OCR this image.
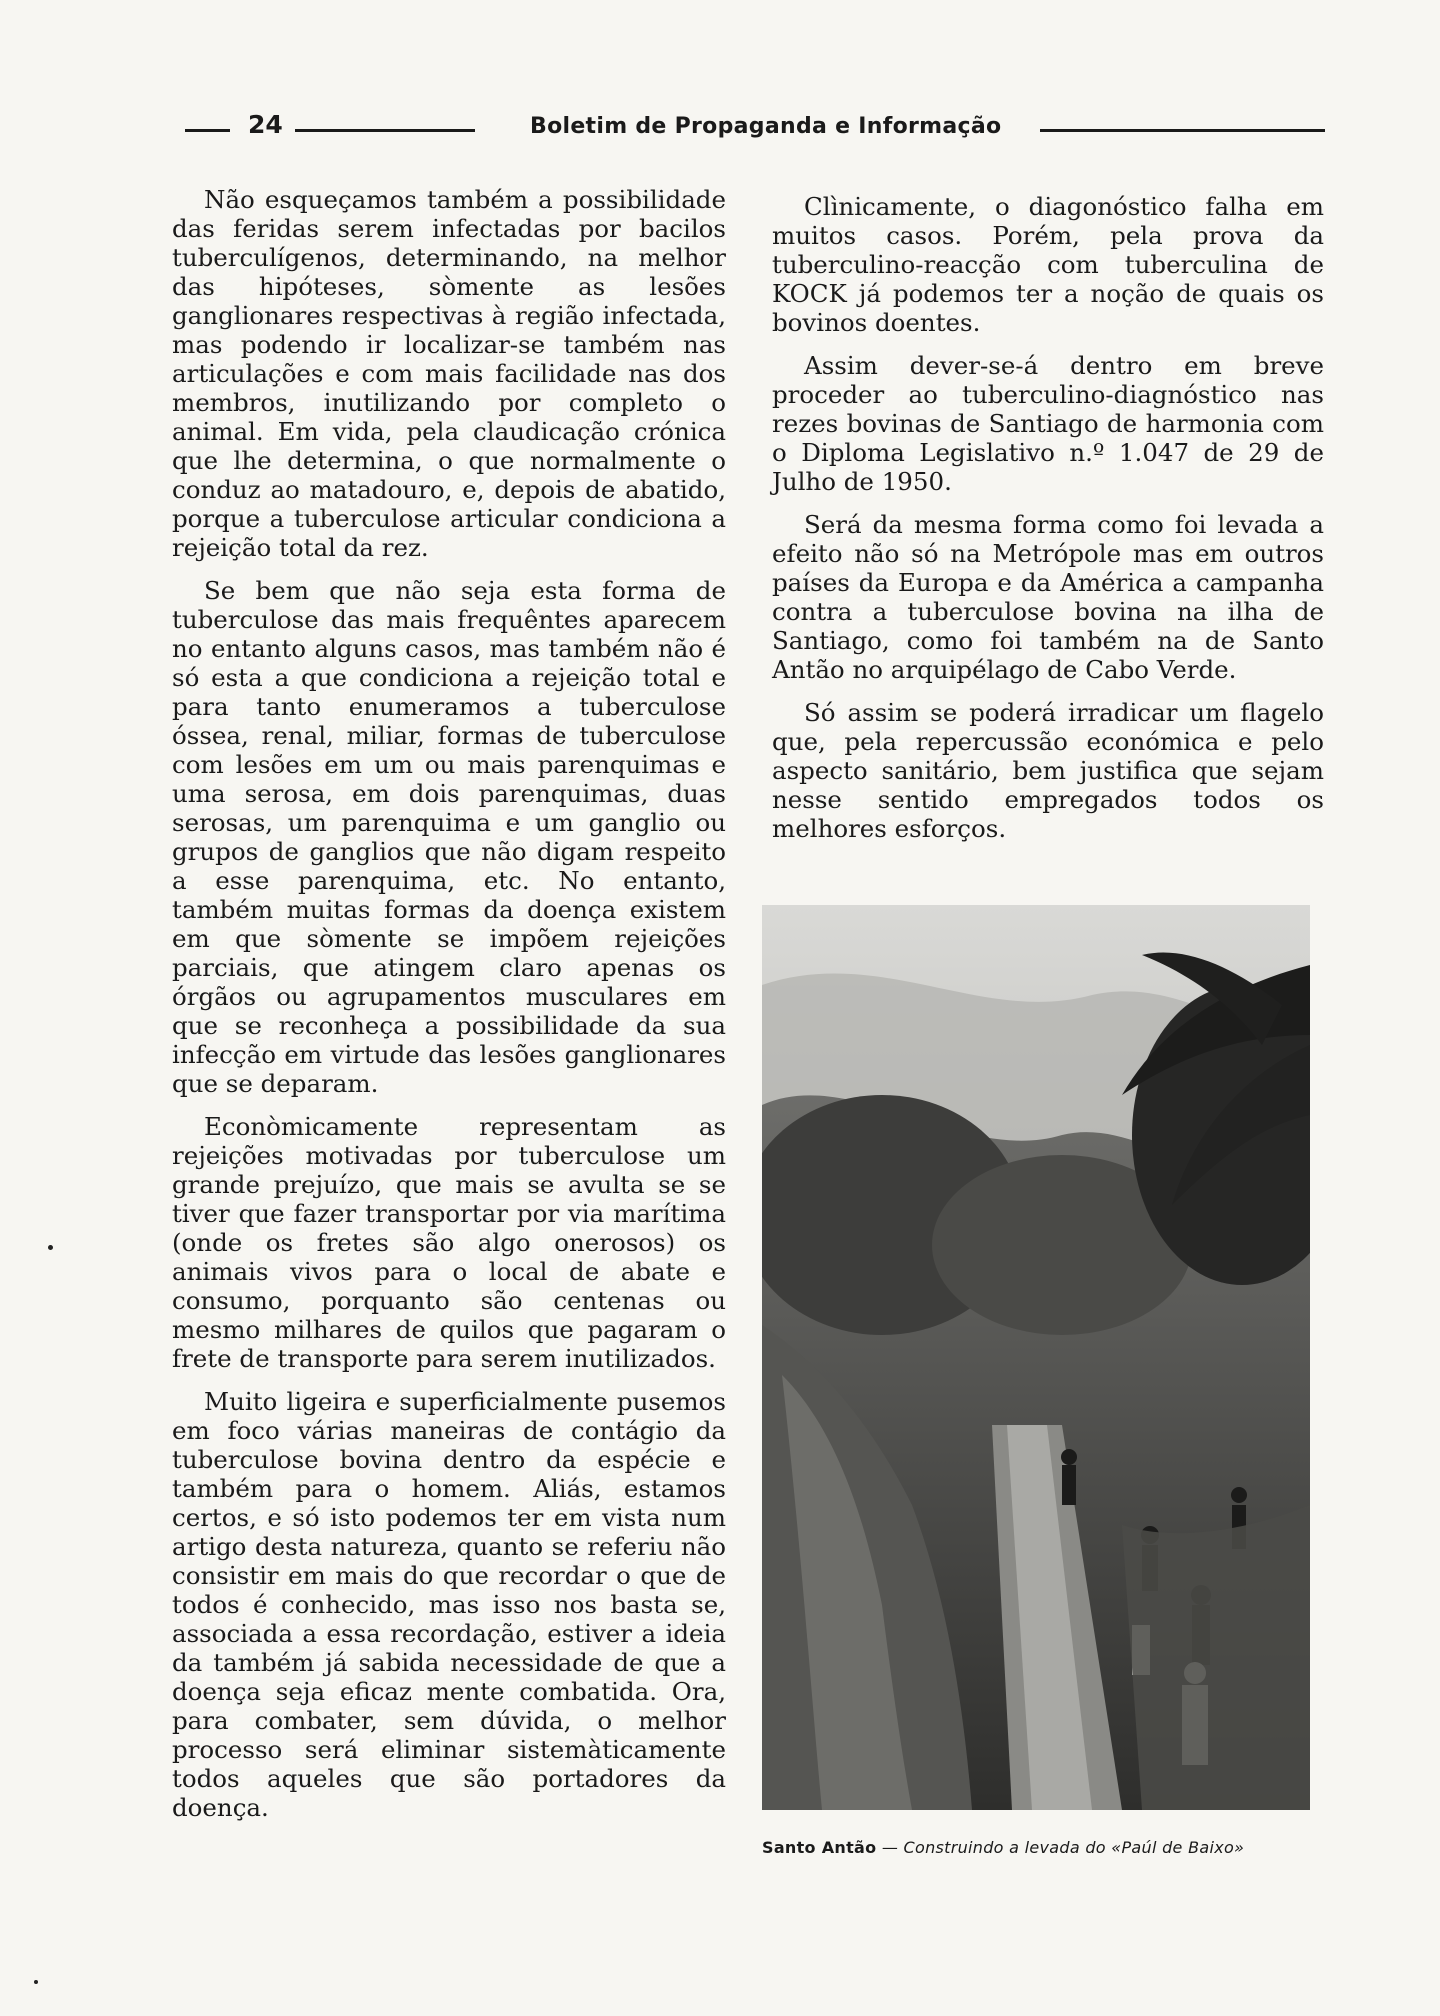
24	Boletim de Propaganda e Informação

Não esqueçamos também a possibilidade das feridas serem infectadas por bacilos tuberculígenos, determinando, na melhor das hipóteses, sòmente as lesões ganglionares respectivas à região infectada, mas podendo ir localizar-se também nas articulações e com mais facilidade nas dos membros, inutilizando por completo o animal. Em vida, pela claudicação crónica que lhe determina, o que normalmente o conduz ao matadouro, e, depois de abatido, porque a tuberculose articular condiciona a rejeição total da rez.

Se bem que não seja esta forma de tuberculose das mais frequêntes aparecem no entanto alguns casos, mas também não é só esta a que condiciona a rejeição total e para tanto enumeramos a tuberculose óssea, renal, miliar, formas de tuberculose com lesões em um ou mais parenquimas e uma serosa, em dois parenquimas, duas serosas, um parenquima e um ganglio ou grupos de ganglios que não digam respeito a esse parenquima, etc. No entanto, também muitas formas da doença existem em que sòmente se impõem rejeições parciais, que atingem claro apenas os órgãos ou agrupamentos musculares em que se reconheça a possibilidade da sua infecção em virtude das lesões ganglionares que se deparam.

Econòmicamente representam as rejeições motivadas por tuberculose um grande prejuízo, que mais se avulta se se tiver que fazer transportar por via marítima (onde os fretes são algo onerosos) os animais vivos para o local de abate e consumo, porquanto são centenas ou mesmo milhares de quilos que pagaram o frete de transporte para serem inutilizados.

Muito ligeira e superficialmente pusemos em foco várias maneiras de contágio da tuberculose bovina dentro da espécie e também para o homem. Aliás, estamos certos, e só isto podemos ter em vista num artigo desta natureza, quanto se referiu não consistir em mais do que recordar o que de todos é conhecido, mas isso nos basta se, associada a essa recordação, estiver a ideia da também já sabida necessidade de que a doença seja eficaz mente combatida. Ora, para combater, sem dúvida, o melhor processo será eliminar sistemàticamente todos aqueles que são portadores da doença.

Clìnicamente, o diagonóstico falha em muitos casos. Porém, pela prova da tuberculino-reacção com tuberculina de KOCK já podemos ter a noção de quais os bovinos doentes.

Assim dever-se-á dentro em breve proceder ao tuberculino-diagnóstico nas rezes bovinas de Santiago de harmonia com o Diploma Legislativo n.º 1.047 de 29 de Julho de 1950.

Será da mesma forma como foi levada a efeito não só na Metrópole mas em outros países da Europa e da América a campanha contra a tuberculose bovina na ilha de Santiago, como foi também na de Santo Antão no arquipélago de Cabo Verde.

Só assim se poderá irradicar um flagelo que, pela repercussão económica e pelo aspecto sanitário, bem justifica que sejam nesse sentido empregados todos os melhores esforços.

Santo Antão — Construindo a levada do «Paúl de Baixo»
